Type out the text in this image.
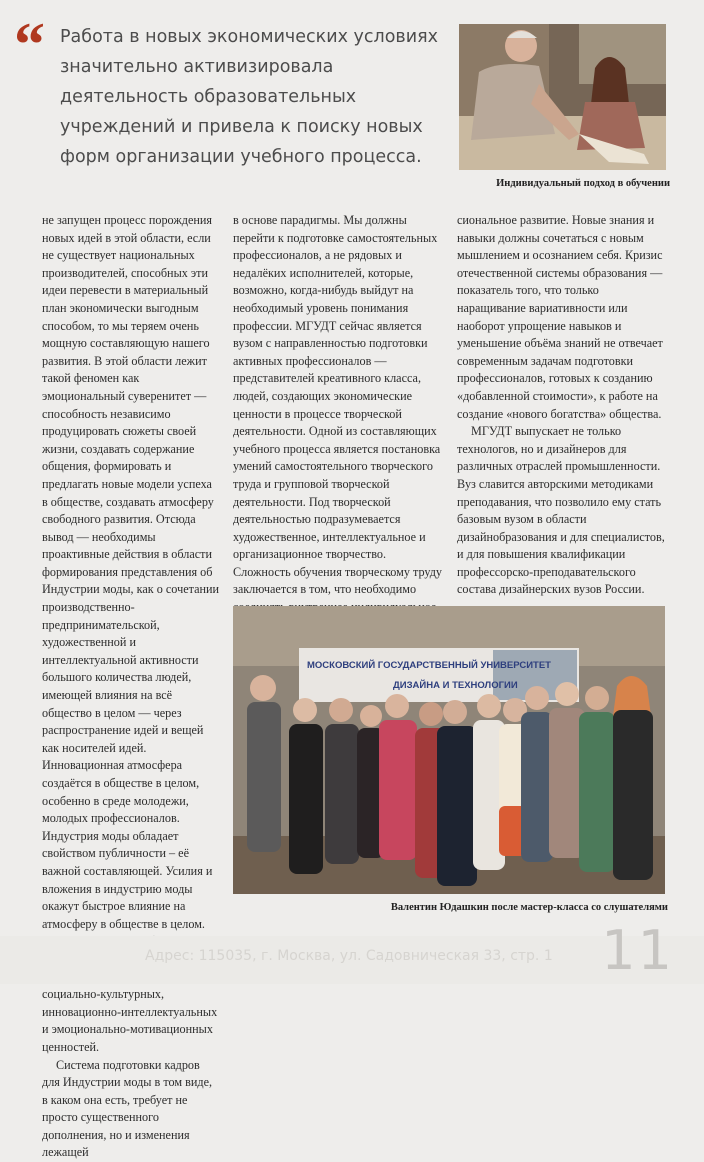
“ Работа в новых экономических условиях значительно активизировала деятельность образовательных учреждений и привела к поиску новых форм организации учебного процесса.
Индивидуальный подход в обучении

не запущен процесс порождения новых идей в этой области, если не существует национальных производителей, способных эти идеи перевести в материальный план экономически выгодным способом, то мы теряем очень мощную составляющую нашего развития. В этой области лежит такой феномен как эмоциональный суверенитет — способность независимо продуцировать сюжеты своей жизни, создавать содержание общения, формировать и предлагать новые модели успеха в обществе, создавать атмосферу свободного развития. Отсюда вывод — необходимы проактивные действия в области формирования представления об Индустрии моды, как о сочетании производственно-предпринимательской, художественной и интеллектуальной активности большого количества людей, имеющей влияния на всё общество в целом — через распространение идей и вещей как носителей идей. Инновационная атмосфера создаётся в обществе в целом, особенно в среде молодежи, молодых профессионалов. Индустрия моды обладает свойством публичности – её важной составляющей. Усилия и вложения в индустрию моды окажут быстрое влияние на атмосферу в обществе в целом. социально-культурных, инновационно-интеллектуальных и эмоционально-мотивационных ценностей.

Система подготовки кадров для Индустрии моды в том виде, в каком она есть, требует не просто существенного дополнения, но и изменения лежащей

в основе парадигмы. Мы должны перейти к подготовке самостоятельных профессионалов, а не рядовых и недалёких исполнителей, которые, возможно, когда-нибудь выйдут на необходимый уровень понимания профессии. МГУДТ сейчас является вузом с направленностью подготовки активных профессионалов — представителей креативного класса, людей, создающих экономические ценности в процессе творческой деятельности. Одной из составляющих учебного процесса является постановка умений самостоятельного творческого труда и групповой творческой деятельности. Под творческой деятельностью подразумевается художественное, интеллектуальное и организационное творчество. Сложность обучения творческому труду заключается в том, что необходимо

сиональное развитие. Новые знания и навыки должны сочетаться с новым мышлением и осознанием себя. Кризис отечественной системы образования — показатель того, что только наращивание вариативности или наоборот упрощение навыков и уменьшение объёма знаний не отвечает современным задачам подготовки профессионалов, готовых к созданию «добавленной стоимости», к работе на создание «нового богатства» общества.

МГУДТ выпускает не только технологов, но и дизайнеров для различных отраслей промышленности. Вуз славится авторскими методиками преподавания, что позволило ему стать базовым вузом в области дизайнобразования и для специалистов, и для повышения квалификации профессорско-преподавательского состава дизайнерских вузов России.

МОСКОВСКИЙ ГОСУДАРСТВЕННЫЙ УНИВЕРСИТЕТ
ДИЗАЙНА И ТЕХНОЛОГИИ
Валентин Юдашкин после мастер-класса со слушателями
Адрес: 115035, г. Москва, ул. Садовническая 33, стр. 1 11
